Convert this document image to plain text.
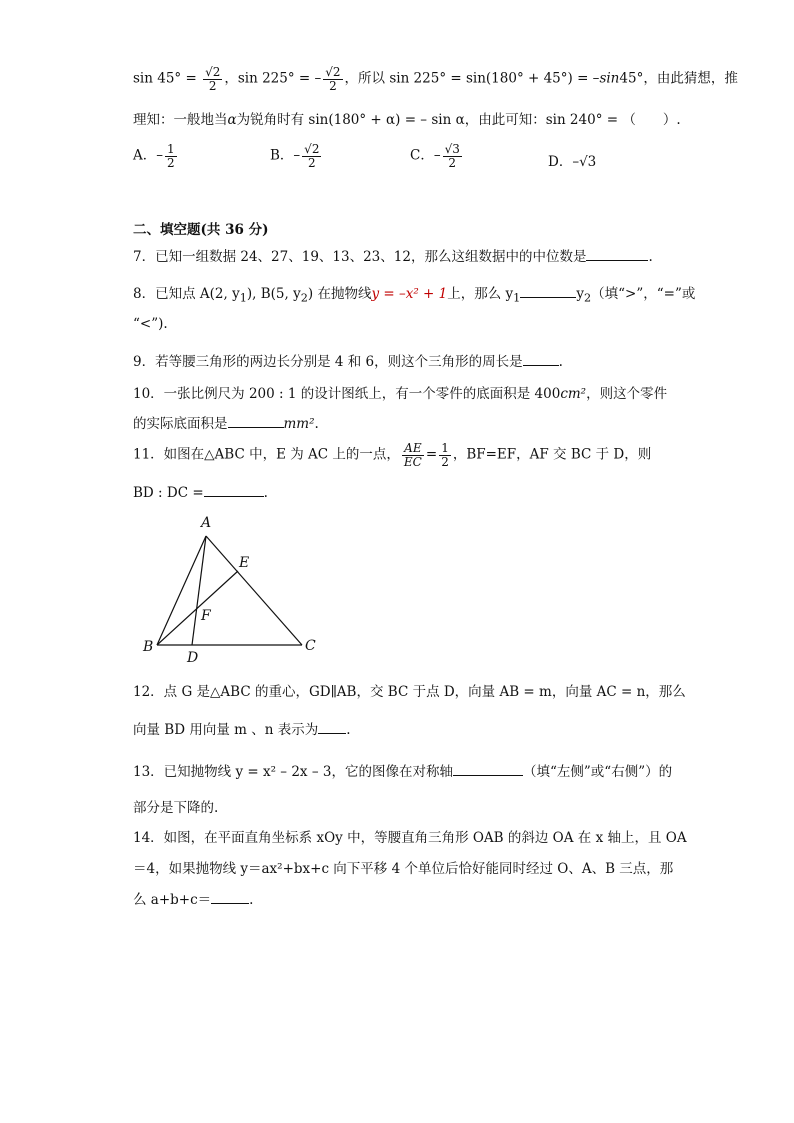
$\sin 45^\circ = \frac{√2}{2}$ ，sin 225° = – $\frac{√2}{2}$ ，所以 sin 225° = sin(180° + 45°) = –sin45°，由此猜想，推
理知：一般地当α为锐角时有 sin(180° + α) = – sin α，由此可知：sin 240° = （　　）.
A．– $\frac{1}{2}$	B．– $\frac{√2}{2}$	C．– $\frac{√3}{2}$	D．–√3
二、填空题(共 36 分)
7．已知一组数据 24、27、19、13、23、12，那么这组数据中的中位数是	.
8．已知点 A(2, $y_1$), B(5, $y_2$) 在抛物线y = –x² + 1上，那么 $y_1$	$y_2$（填“>”，“=”或
“<”).
9．若等腰三角形的两边长分别是 4 和 6，则这个三角形的周长是	.
10．一张比例尺为 200 : 1 的设计图纸上，有一个零件的底面积是 400cm²，则这个零件
的实际底面积是	mm².
11．如图在△ABC 中，E 为 AC 上的一点， $\frac{AE}{EC} = \frac{1}{2}$ ，BF=EF，AF 交 BC 于 D，则
BD : DC =	.
A
B	C
D
E
F
12．点 G 是△ABC 的重心，GD∥AB，交 BC 于点 D，向量 AB = m，向量 AC = n，那么
向量 BD 用向量 m 、n 表示为 .
13．已知抛物线 y = x² – 2x – 3，它的图像在对称轴	（填“左侧”或“右侧”）的
部分是下降的.
14．如图，在平面直角坐标系 xOy 中，等腰直角三角形 OAB 的斜边 OA 在 x 轴上，且 OA
＝4，如果抛物线 y＝ax²+bx+c 向下平移 4 个单位后恰好能同时经过 O、A、B 三点，那
么 a+b+c＝	.
